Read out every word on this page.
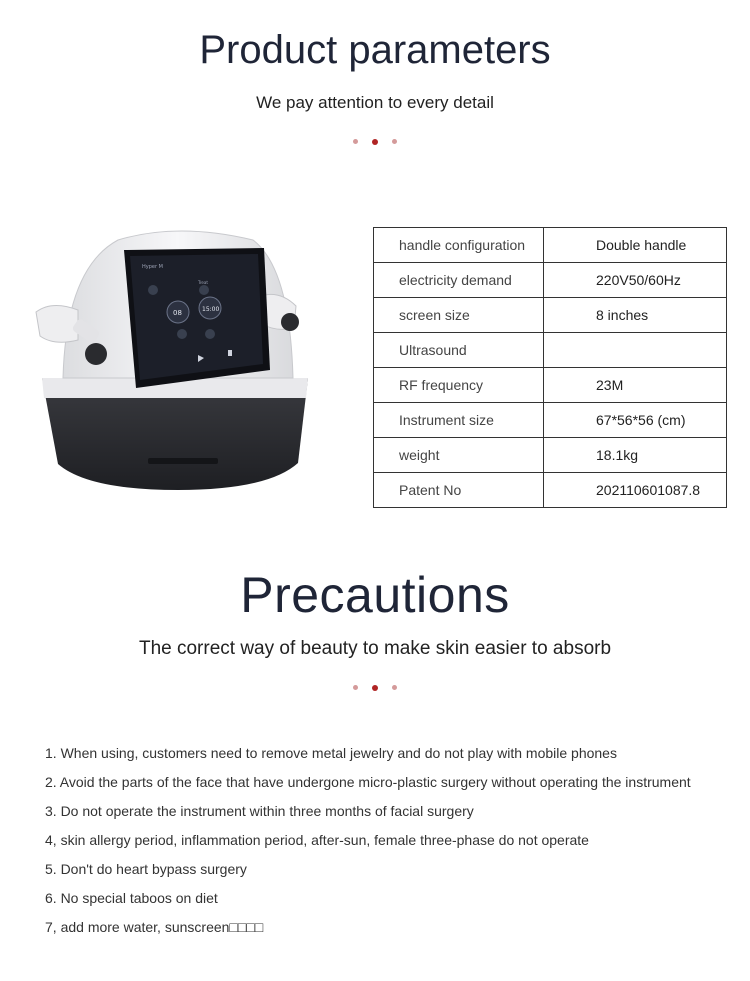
Product parameters
We pay attention to every detail
Hyper M
Treat
08	15:00
handle configuration	Double handle
electricity demand	220V50/60Hz
screen size	8 inches
Ultrasound	
RF frequency	23M
Instrument size	67*56*56 (cm)
weight	18.1kg
Patent No	202110601087.8
Precautions
The correct way of beauty to make skin easier to absorb
1. When using, customers need to remove metal jewelry and do not play with mobile phones
2. Avoid the parts of the face that have undergone micro-plastic surgery without operating the instrument
3. Do not operate the instrument within three months of facial surgery
4, skin allergy period, inflammation period, after-sun, female three-phase do not operate
5. Don't do heart bypass surgery
6. No special taboos on diet
7, add more water, sunscreen□□□□
